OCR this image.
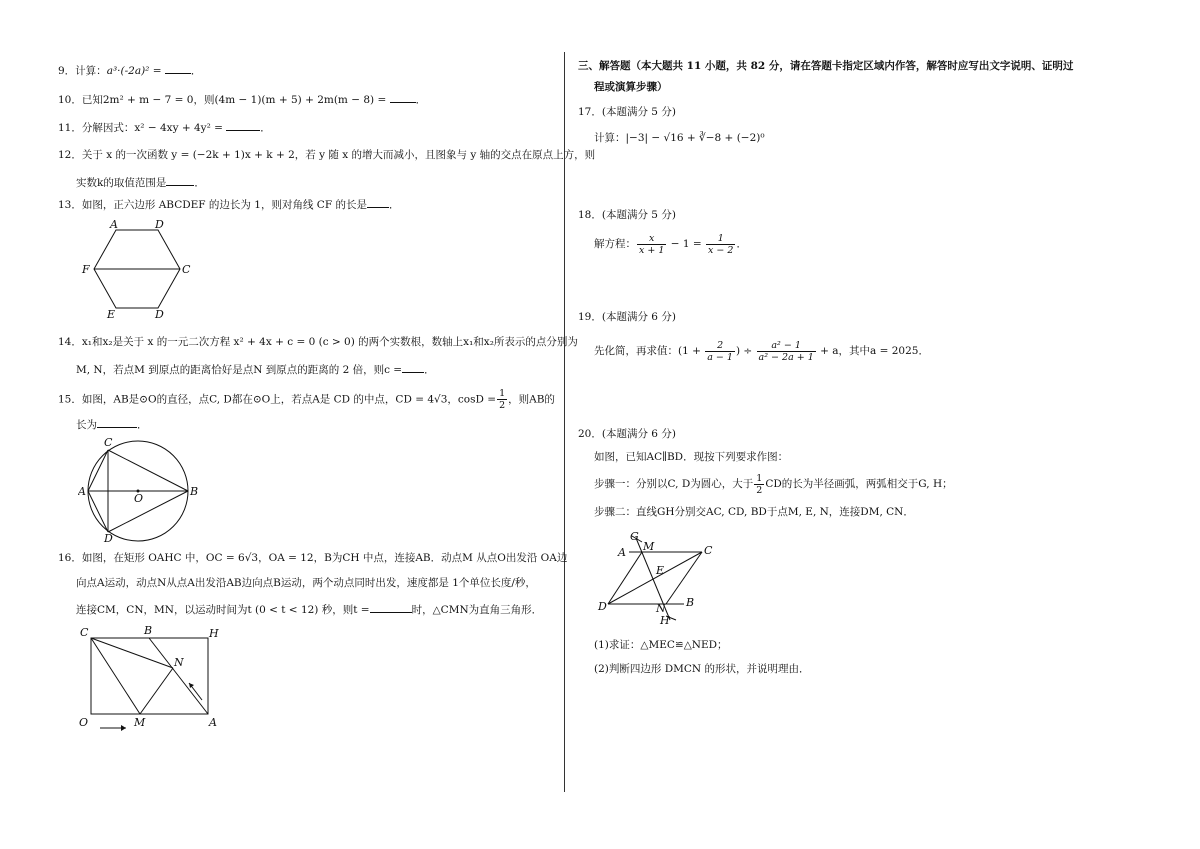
9．计算：a³·(-2a)² = ．
10．已知2m² + m − 7 = 0，则(4m − 1)(m + 5) + 2m(m − 8) = ．
11．分解因式：x² − 4xy + 4y² =	．
12．关于 x 的一次函数 y = (−2k + 1)x + k + 2，若 y 随 x 的增大而减小，且图象与 y 轴的交点在原点上方，则
实数k的取值范围是	．
13．如图，正六边形 ABCDEF 的边长为 1，则对角线 CF 的长是 ．
A	D
F	C
E	D
14．x₁和x₂是关于 x 的一元二次方程 x² + 4x + c = 0 (c > 0) 的两个实数根，数轴上x₁和x₂所表示的点分别为
M, N，若点M 到原点的距离恰好是点N 到原点的距离的 2 倍，则c = ．
15．如图，AB是⊙O的直径，点C, D都在⊙O上，若点A是 CD 的中点，CD = 4√3，$\cos D = \frac{1}{2}$ ，则AB的
长为	．
C
A
O
B
D
16．如图，在矩形 OAHC 中，OC = 6√3，OA = 12，B为CH 中点，连接AB．动点M 从点O出发沿 OA边
向点A运动，动点N从点A出发沿AB边向点B运动，两个动点同时出发，速度都是 1个单位长度/秒，
连接CM，CN，MN，以运动时间为t (0 < t < 12) 秒，则t =	时，△CMN为直角三角形．
C	B	H
N
O	M	A
三、解答题（本大题共 11 小题，共 82 分，请在答题卡指定区域内作答，解答时应写出文字说明、证明过
程或演算步骤）
17．(本题满分 5 分)
计算：|−3| − √16 + ∛−8 + (−2)⁰
18．(本题满分 5 分)
解方程： $\frac{x}{x + 1} - 1 = \frac{1}{x - 2}$ ．
19．(本题满分 6 分)
先化简，再求值：($1 + \frac{2}{a - 1}$ ) ÷ $\frac{\text{a² − 1}}{\text{a² − 2a + 1}} + a$，其中a = 2025．
20．(本题满分 6 分)
如图，已知AC∥BD．现按下列要求作图：
步骤一：分别以C, D为圆心，大于 $\frac{1}{2}$ CD的长为半径画弧，两弧相交于G, H；
步骤二：直线GH分别交AC, CD, BD于点M, E, N，连接DM, CN．
G
A M	C
E
D	N B
H
(1)求证：△MEC≌△NED；
(2)判断四边形 DMCN 的形状，并说明理由．
